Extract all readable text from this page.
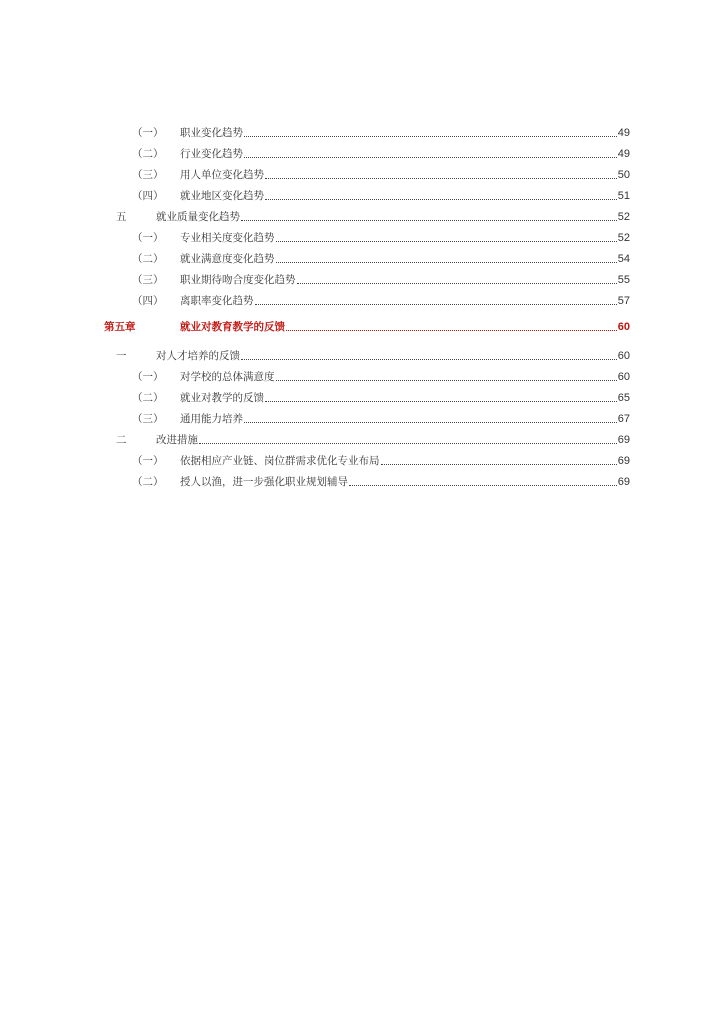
（一）	职业变化趋势	49
（二）	行业变化趋势	49
（三）	用人单位变化趋势	50
（四）	就业地区变化趋势	51
五	就业质量变化趋势	52
（一）	专业相关度变化趋势	52
（二）	就业满意度变化趋势	54
（三）	职业期待吻合度变化趋势	55
（四）	离职率变化趋势	57
第五章	就业对教育教学的反馈	60
一	对人才培养的反馈	60
（一）	对学校的总体满意度	60
（二）	就业对教学的反馈	65
（三）	通用能力培养	67
二	改进措施	69
（一）	依据相应产业链、岗位群需求优化专业布局	69
（二）	授人以渔，进一步强化职业规划辅导	69
